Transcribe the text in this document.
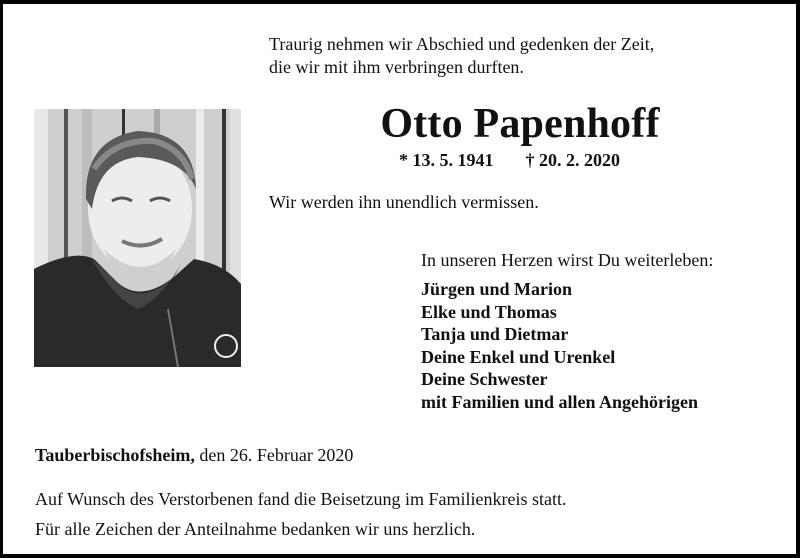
Traurig nehmen wir Abschied und gedenken der Zeit,
die wir mit ihm verbringen durften.
Otto Papenhoff
* 13. 5. 1941 † 20. 2. 2020
Wir werden ihn unendlich vermissen.
In unseren Herzen wirst Du weiterleben:
Jürgen und Marion
Elke und Thomas
Tanja und Dietmar
Deine Enkel und Urenkel
Deine Schwester
mit Familien und allen Angehörigen
Tauberbischofsheim, den 26. Februar 2020
Auf Wunsch des Verstorbenen fand die Beisetzung im Familienkreis statt.
Für alle Zeichen der Anteilnahme bedanken wir uns herzlich.
